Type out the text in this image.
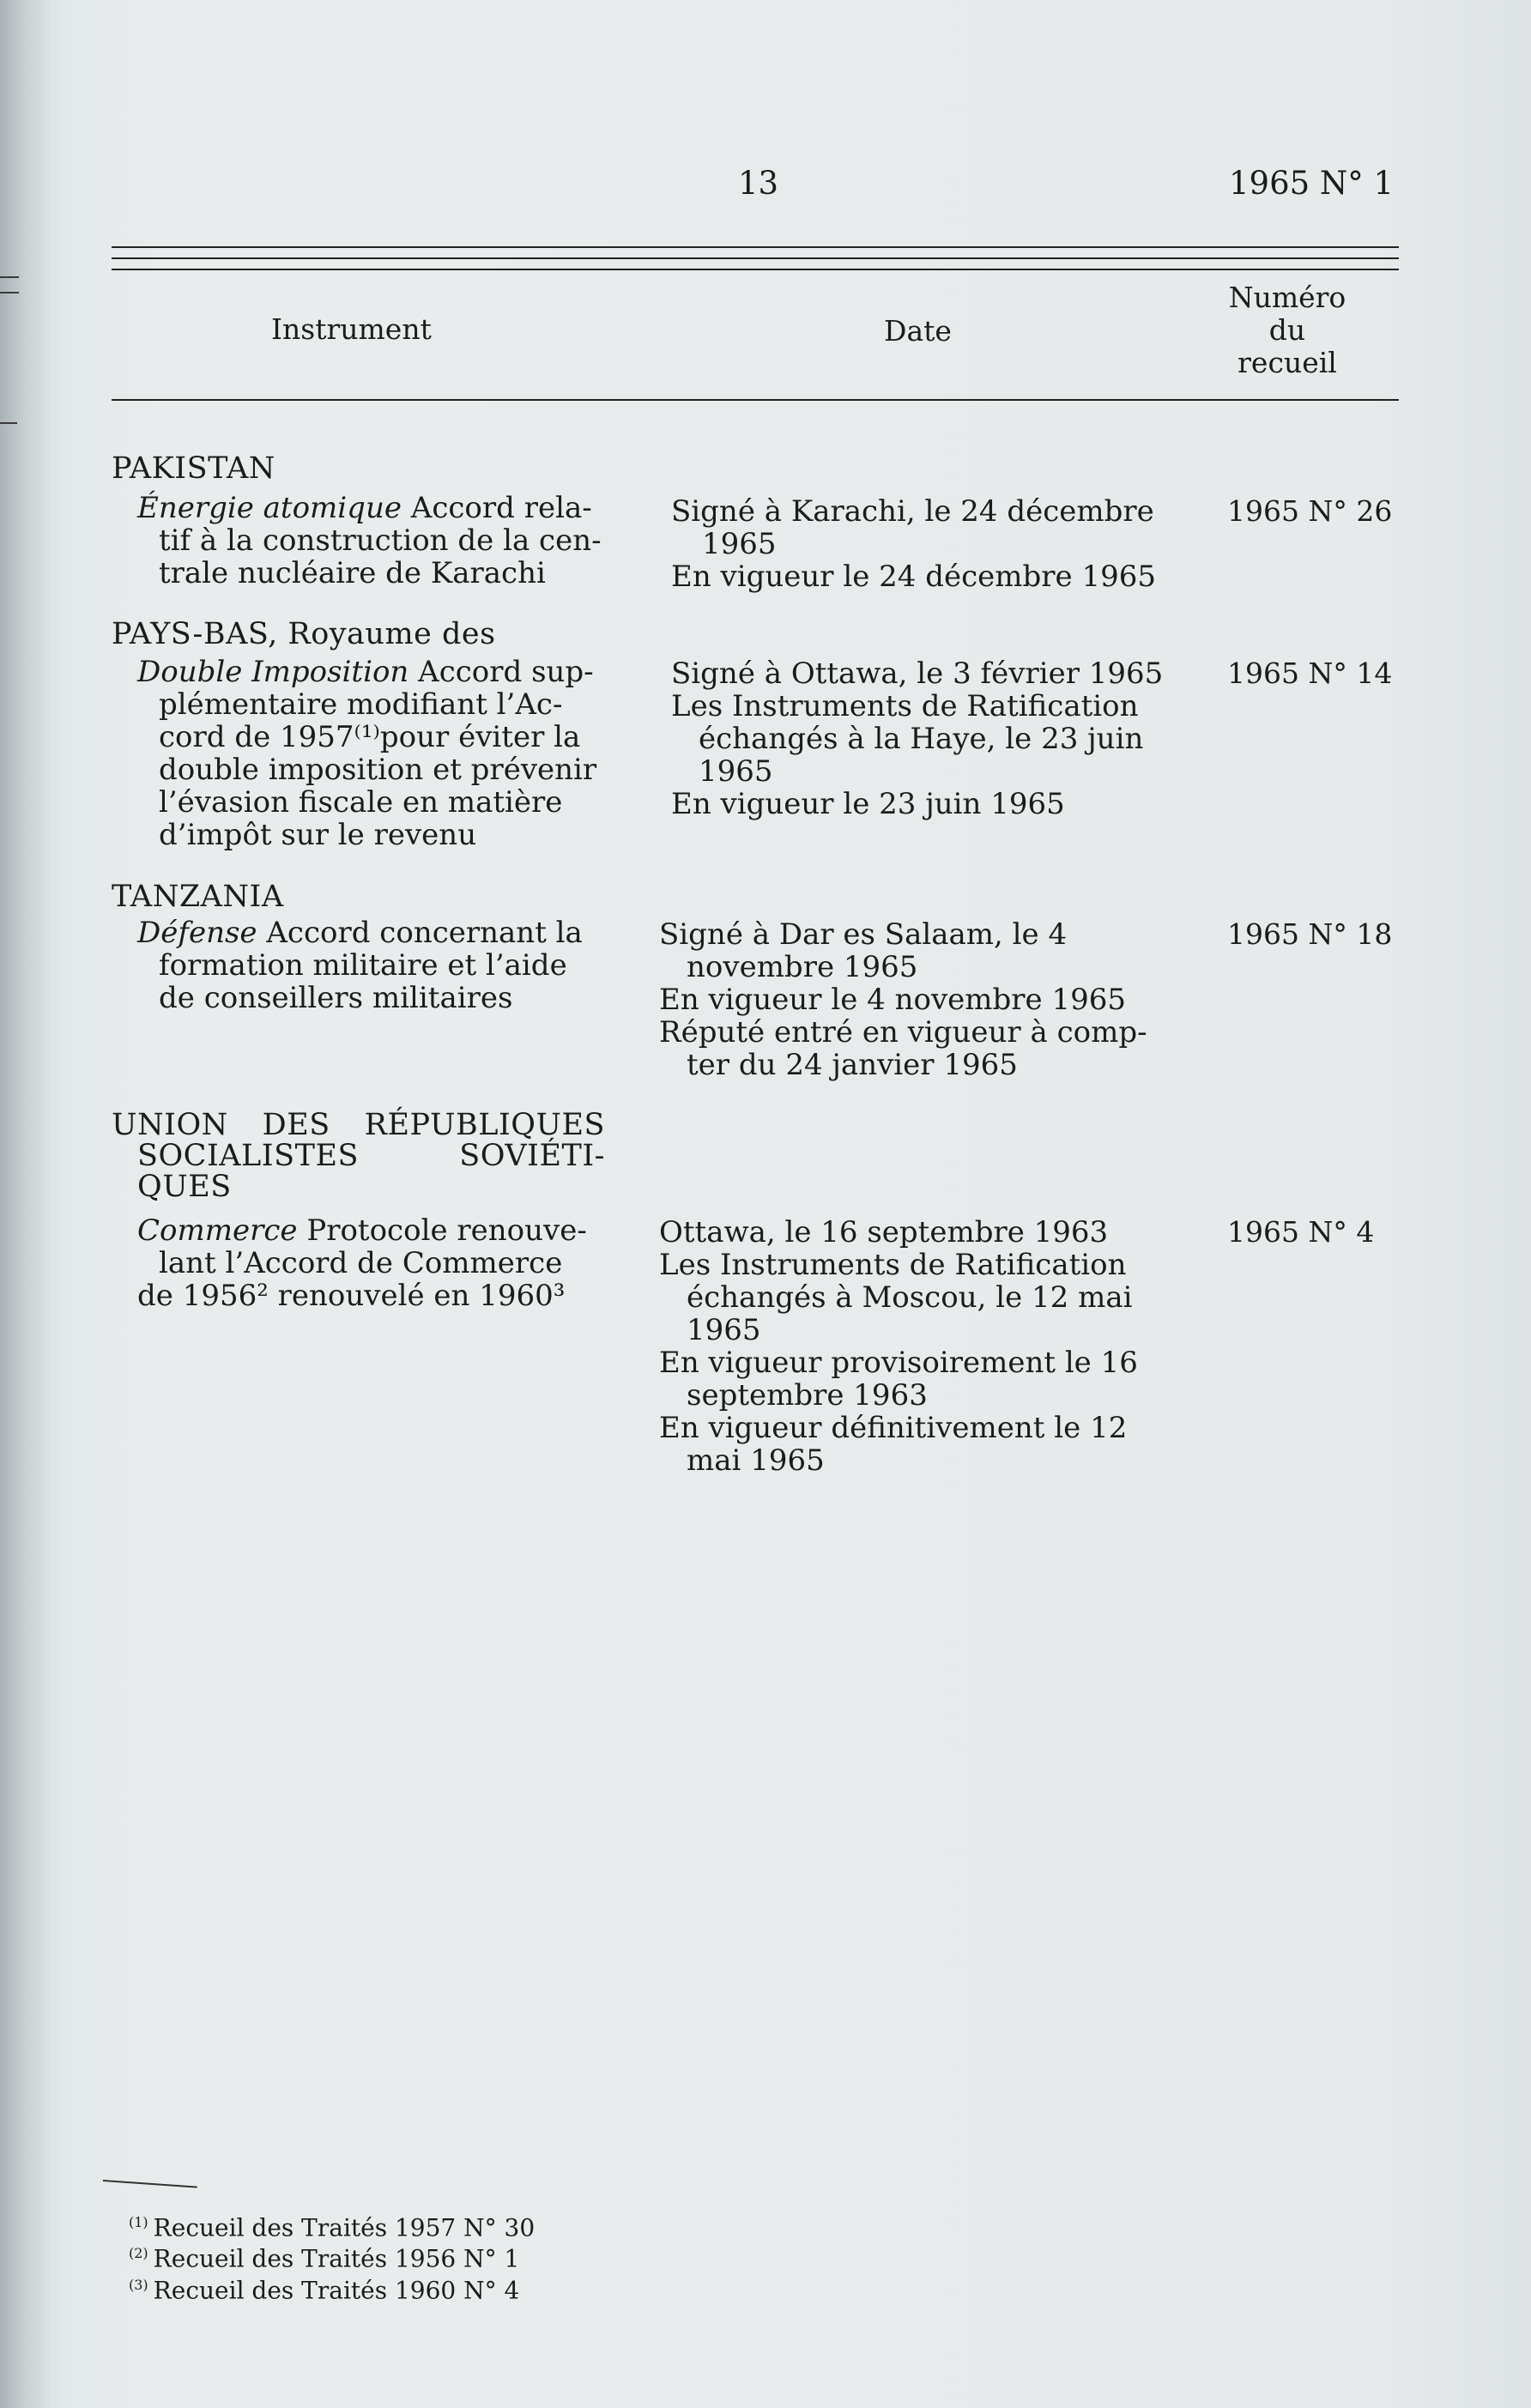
13	1965 N° 1
Instrument	Date
Numéro
du
recueil
PAKISTAN
Énergie atomique Accord rela-
tif à la construction de la cen-
trale nucléaire de Karachi
Signé à Karachi, le 24 décembre
1965
En vigueur le 24 décembre 1965
1965 N° 26
PAYS-BAS, Royaume des
Double Imposition Accord sup-
plémentaire modifiant l’Ac-
cord de 1957⁽¹⁾pour éviter la
double imposition et prévenir
l’évasion fiscale en matière
d’impôt sur le revenu
Signé à Ottawa, le 3 février 1965
Les Instruments de Ratification
échangés à la Haye, le 23 juin
1965
En vigueur le 23 juin 1965
1965 N° 14
TANZANIA
Défense Accord concernant la
formation militaire et l’aide
de conseillers militaires
Signé à Dar es Salaam, le 4
novembre 1965
En vigueur le 4 novembre 1965
Réputé entré en vigueur à comp-
ter du 24 janvier 1965
1965 N° 18
UNION DES RÉPUBLIQUES
SOCIALISTES SOVIÉTI-
QUES
Commerce Protocole renouve-
lant l’Accord de Commerce
de 1956² renouvelé en 1960³
Ottawa, le 16 septembre 1963
Les Instruments de Ratification
échangés à Moscou, le 12 mai
1965
En vigueur provisoirement le 16
septembre 1963
En vigueur définitivement le 12
mai 1965
1965 N° 4
$^{(1)}$ Recueil des Traités 1957 N° 30
$^{(2)}$ Recueil des Traités 1956 N° 1
$^{(3)}$ Recueil des Traités 1960 N° 4
